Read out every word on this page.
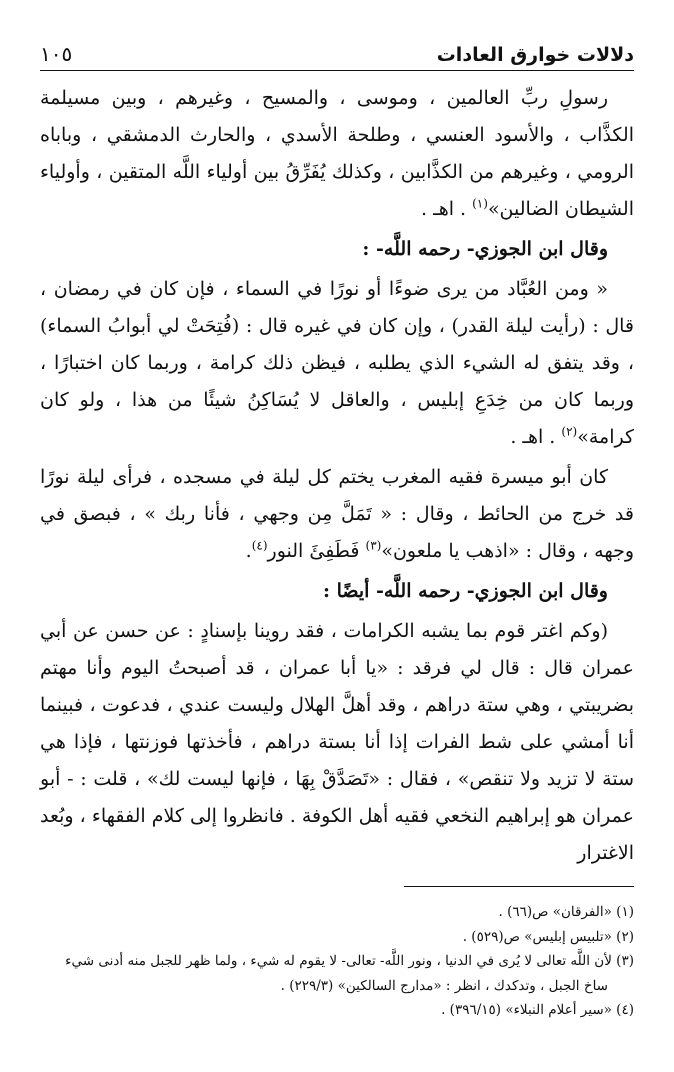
دلالات خوارق العادات
١٠٥

رسولِ ربِّ العالمين ، وموسى ، والمسيح ، وغيرهم ، وبين مسيلمة الكذَّاب ، والأسود العنسي ، وطلحة الأسدي ، والحارث الدمشقي ، وباباه الرومي ، وغيرهم من الكذَّابين ، وكذلك يُفَرِّقُ بين أولياء اللَّه المتقين ، وأولياء الشيطان الضالين»$^{(١)}$ . اهـ .

وقال ابن الجوزي- رحمه اللَّه- :

« ومن العُبَّاد من يرى ضوءًا أو نورًا في السماء ، فإن كان في رمضان ، قال : (رأيت ليلة القدر) ، وإن كان في غيره قال : (فُتِحَتْ لي أبوابُ السماء) ، وقد يتفق له الشيء الذي يطلبه ، فيظن ذلك كرامة ، وربما كان اختبارًا ، وربما كان من خِدَعِ إبليس ، والعاقل لا يُسَاكِنُ شيئًا من هذا ، ولو كان كرامة»$^{(٢)}$ . اهـ .

كان أبو ميسرة فقيه المغرب يختم كل ليلة في مسجده ، فرأى ليلة نورًا قد خرج من الحائط ، وقال : « تَمَلَّ مِن وجهي ، فأنا ربك » ، فبصق في وجهه ، وقال : «اذهب يا ملعون»$^{(٣)}$ فَطَفِئَ النور$^{(٤)}$.

وقال ابن الجوزي- رحمه اللَّه- أيضًا :

(وكم اغتر قوم بما يشبه الكرامات ، فقد روينا بإسنادٍ : عن حسن عن أبي عمران قال : قال لي فرقد : «يا أبا عمران ، قد أصبحتُ اليوم وأنا مهتم بضريبتي ، وهي ستة دراهم ، وقد أهلَّ الهلال وليست عندي ، فدعوت ، فبينما أنا أمشي على شط الفرات إذا أنا بستة دراهم ، فأخذتها فوزنتها ، فإذا هي ستة لا تزيد ولا تنقص» ، فقال : «تَصَدَّقْ بِهَا ، فإنها ليست لك» ، قلت : - أبو عمران هو إبراهيم النخعي فقيه أهل الكوفة . فانظروا إلى كلام الفقهاء ، وبُعد الاغترار

(١) «الفرقان» ص(٦٦) .

(٢) «تلبيس إبليس» ص(٥٢٩) .

(٣) لأن اللَّه تعالى لا يُرى في الدنيا ، ونور اللَّه- تعالى- لا يقوم له شيء ، ولما ظهر للجبل منه أدنى شيء

ساخ الجبل ، وتدكدك ، انظر : «مدارج السالكين» (٢٢٩/٣) .

(٤) «سير أعلام النبلاء» (٣٩٦/١٥) .
